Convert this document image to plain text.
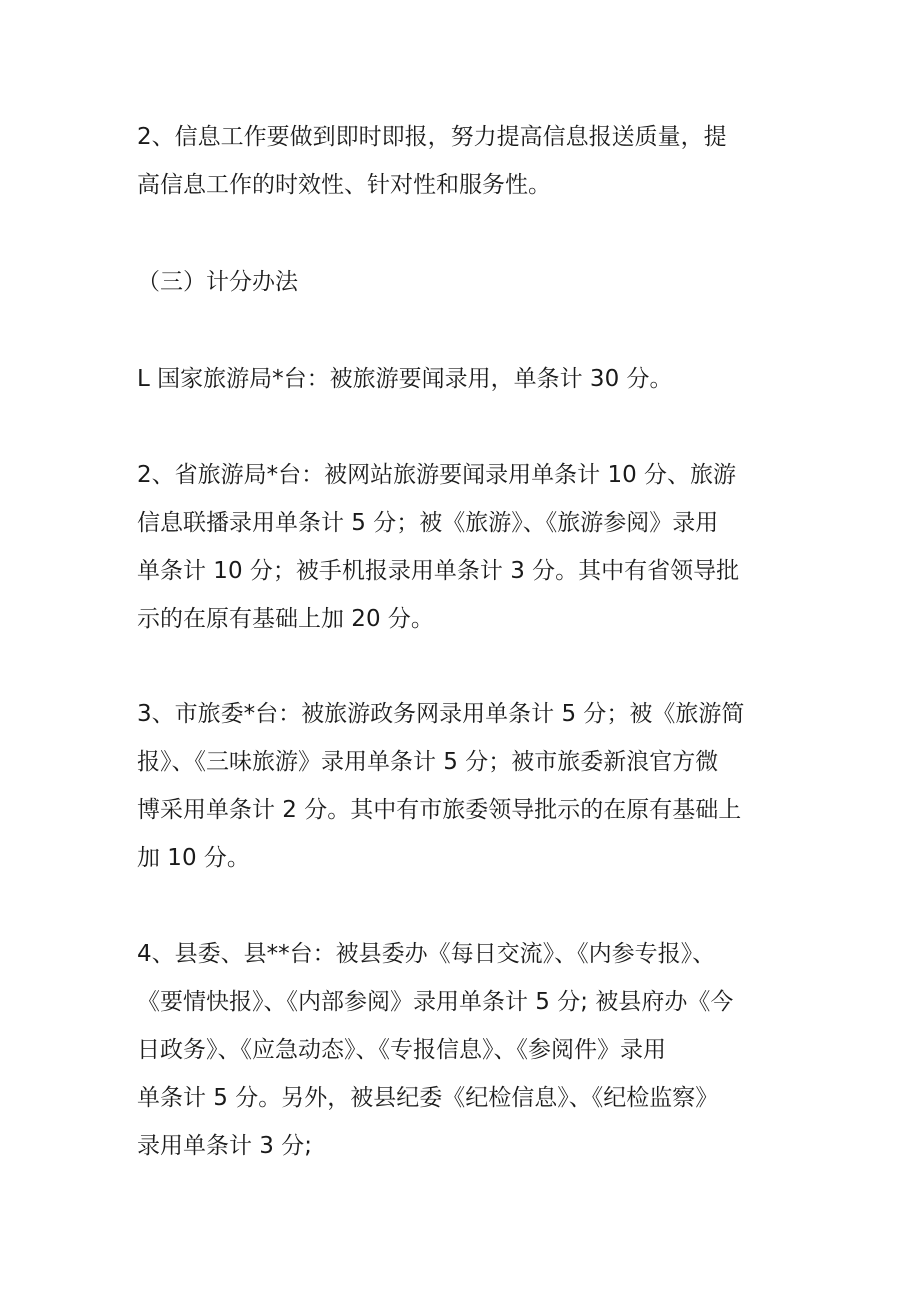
2、信息工作要做到即时即报，努力提高信息报送质量，提
高信息工作的时效性、针对性和服务性。

（三）计分办法

L 国家旅游局*台：被旅游要闻录用，单条计 30 分。

2、省旅游局*台：被网站旅游要闻录用单条计 10 分、旅游
信息联播录用单条计 5 分；被《旅游》、《旅游参阅》录用
单条计 10 分；被手机报录用单条计 3 分。其中有省领导批
示的在原有基础上加 20 分。

3、市旅委*台：被旅游政务网录用单条计 5 分；被《旅游简
报》、《三味旅游》录用单条计 5 分；被市旅委新浪官方微
博采用单条计 2 分。其中有市旅委领导批示的在原有基础上
加 10 分。

4、县委、县**台：被县委办《每日交流》、《内参专报》、
《要情快报》、《内部参阅》录用单条计 5 分; 被县府办《今
日政务》、《应急动态》、《专报信息》、《参阅件》录用
单条计 5 分。另外，被县纪委《纪检信息》、《纪检监察》
录用单条计 3 分;
